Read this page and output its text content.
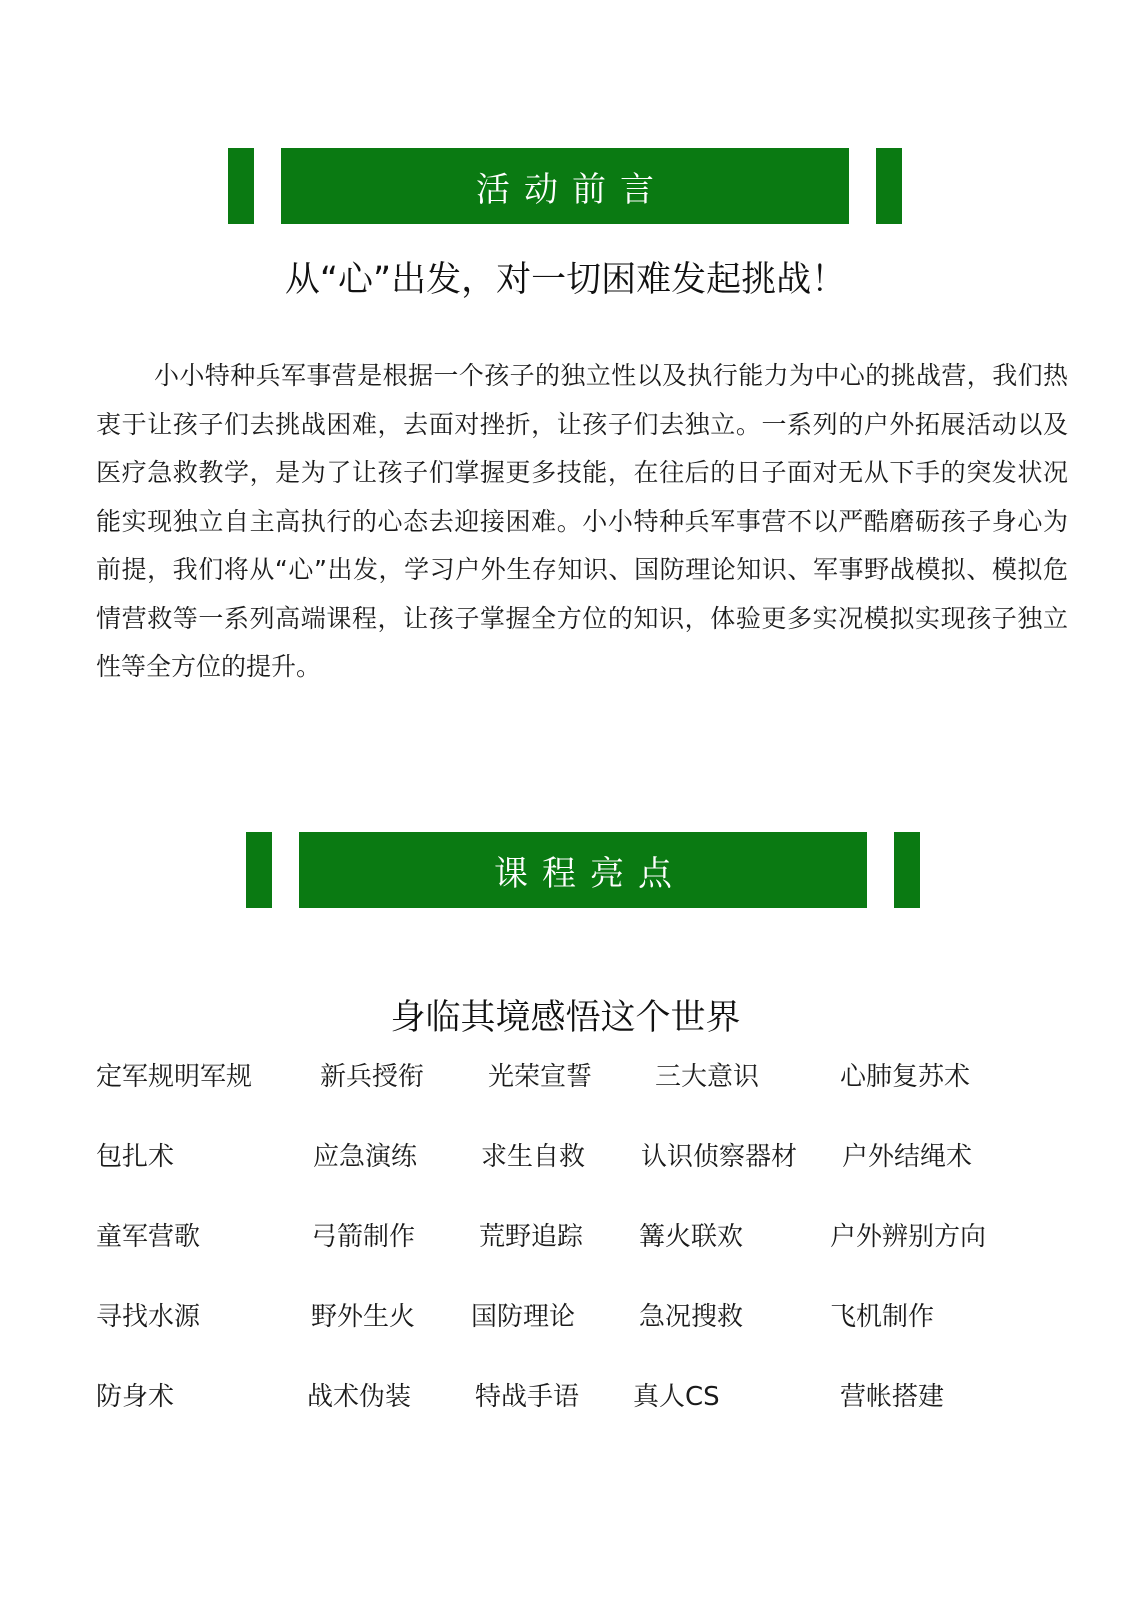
活动前言
从“心”出发，对一切困难发起挑战！

小小特种兵军事营是根据一个孩子的独立性以及执行能力为中心的挑战营，我们热衷于让孩子们去挑战困难，去面对挫折，让孩子们去独立。一系列的户外拓展活动以及医疗急救教学，是为了让孩子们掌握更多技能，在往后的日子面对无从下手的突发状况能实现独立自主高执行的心态去迎接困难。小小特种兵军事营不以严酷磨砺孩子身心为前提，我们将从“心”出发，学习户外生存知识、国防理论知识、军事野战模拟、模拟危情营救等一系列高端课程，让孩子掌握全方位的知识，体验更多实况模拟实现孩子独立性等全方位的提升。

课程亮点
身临其境感悟这个世界
定军规明军规	新兵授衔 光荣宣誓 三大意识	心肺复苏术
包扎术	应急演练 求生自救 认识侦察器材 户外结绳术
童军营歌	弓箭制作 荒野追踪 篝火联欢	户外辨别方向
寻找水源	野外生火 国防理论 急况搜救	飞机制作
防身术	战术伪装 特战手语 真人CS	营帐搭建
